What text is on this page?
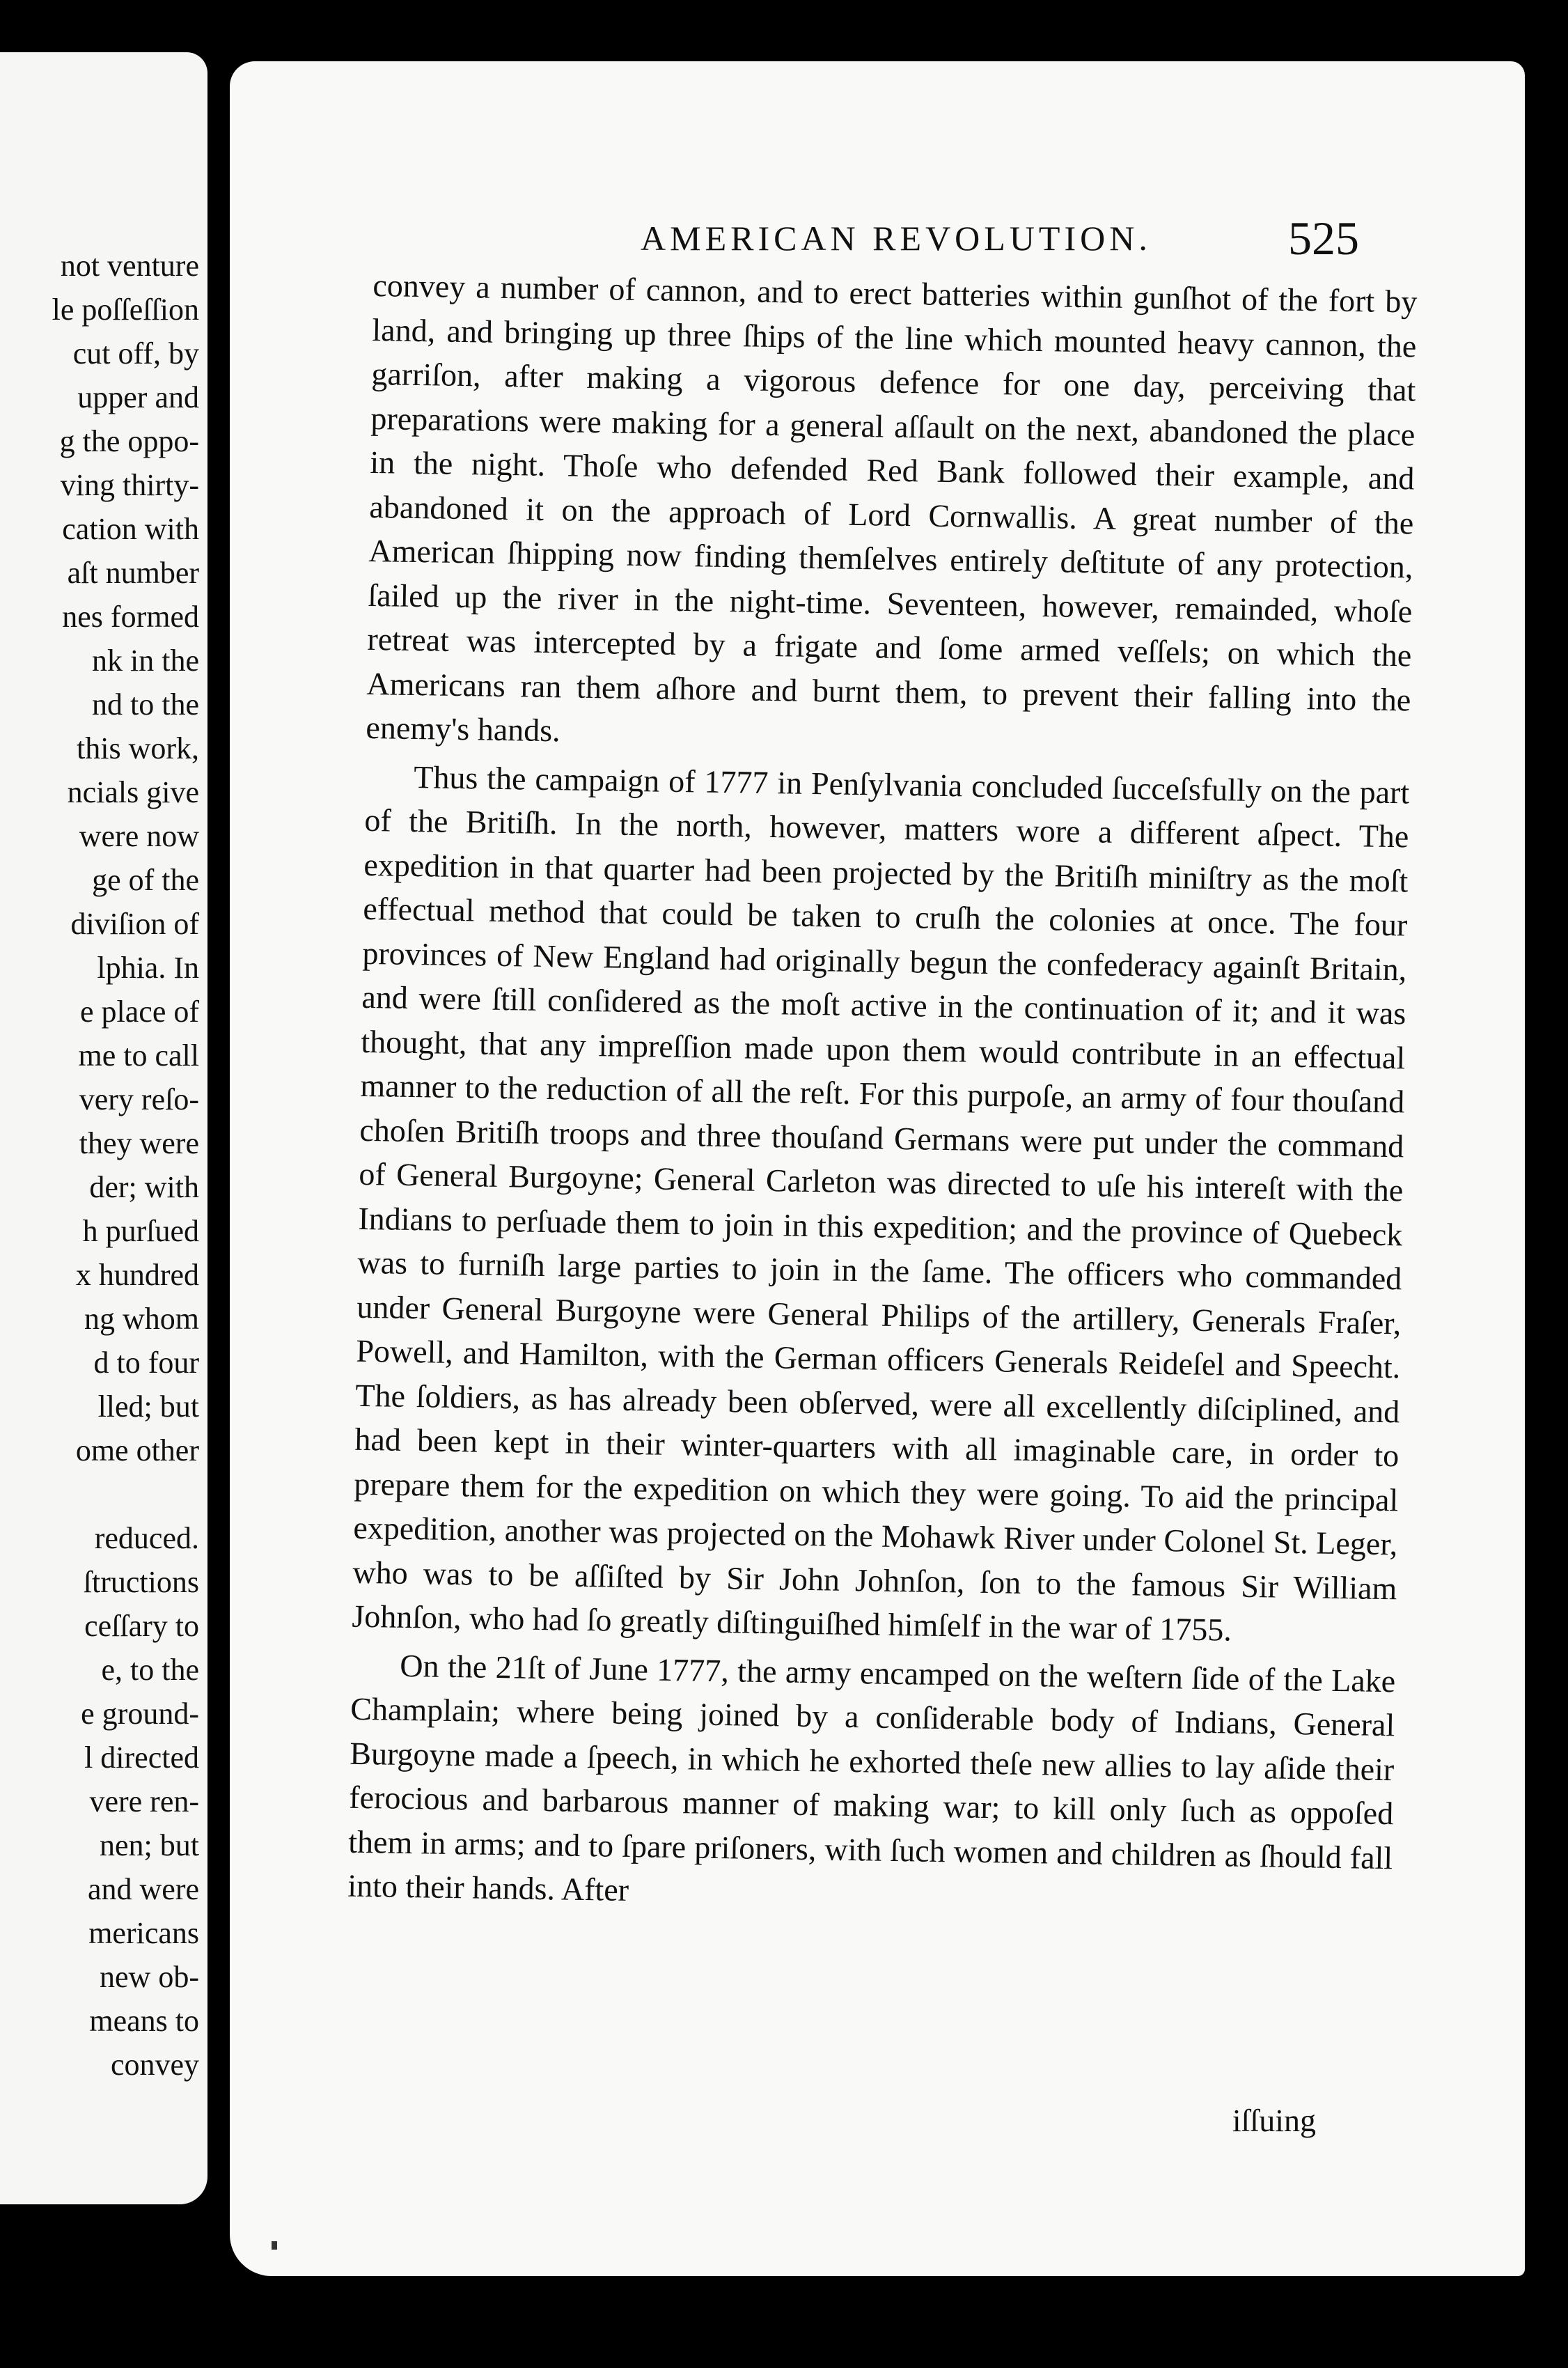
not venture
le poſſeſſion
cut off, by
upper and
g the oppo-
ving thirty-
cation with
aſt number
nes formed
nk in the
nd to the
this work,
ncials give
were now
ge of the
diviſion of
lphia. In
e place of
me to call
very reſo-
they were
der; with
h purſued
x hundred
ng whom
d to four
lled; but
ome other
reduced.
ſtructions
ceſſary to
e, to the
e ground-
l directed
vere ren-
nen; but
and were
mericans
new ob-
means to
convey
AMERICAN REVOLUTION.	525

convey a number of cannon, and to erect batteries within gunſhot of the fort by land, and bringing up three ſhips of the line which mounted heavy cannon, the garriſon, after making a vigorous defence for one day, perceiving that preparations were making for a general aſſault on the next, abandoned the place in the night. Thoſe who defended Red Bank followed their example, and abandoned it on the approach of Lord Cornwallis. A great number of the American ſhipping now finding themſelves entirely deſtitute of any protection, ſailed up the river in the night-time. Seventeen, however, remainded, whoſe retreat was intercepted by a frigate and ſome armed veſſels; on which the Americans ran them aſhore and burnt them, to prevent their falling into the enemy's hands.

Thus the campaign of 1777 in Penſylvania concluded ſucceſsfully on the part of the Britiſh. In the north, however, matters wore a different aſpect. The expedition in that quarter had been projected by the Britiſh miniſtry as the moſt effectual method that could be taken to cruſh the colonies at once. The four provinces of New England had originally begun the confederacy againſt Britain, and were ſtill conſidered as the moſt active in the continuation of it; and it was thought, that any impreſſion made upon them would contribute in an effectual manner to the reduction of all the reſt. For this purpoſe, an army of four thouſand choſen Britiſh troops and three thouſand Germans were put under the command of General Burgoyne; General Carleton was directed to uſe his intereſt with the Indians to perſuade them to join in this expedition; and the province of Quebeck was to furniſh large parties to join in the ſame. The officers who commanded under General Burgoyne were General Philips of the artillery, Generals Fraſer, Powell, and Hamilton, with the German officers Generals Reideſel and Speecht. The ſoldiers, as has already been obſerved, were all excellently diſciplined, and had been kept in their winter-quarters with all imaginable care, in order to prepare them for the expedition on which they were going. To aid the principal expedition, another was projected on the Mohawk River under Colonel St. Leger, who was to be aſſiſted by Sir John Johnſon, ſon to the famous Sir William Johnſon, who had ſo greatly diſtinguiſhed himſelf in the war of 1755.

On the 21ſt of June 1777, the army encamped on the weſtern ſide of the Lake Champlain; where being joined by a conſiderable body of Indians, General Burgoyne made a ſpeech, in which he exhorted theſe new allies to lay aſide their ferocious and barbarous manner of making war; to kill only ſuch as oppoſed them in arms; and to ſpare priſoners, with ſuch women and children as ſhould fall into their hands. After

iſſuing
